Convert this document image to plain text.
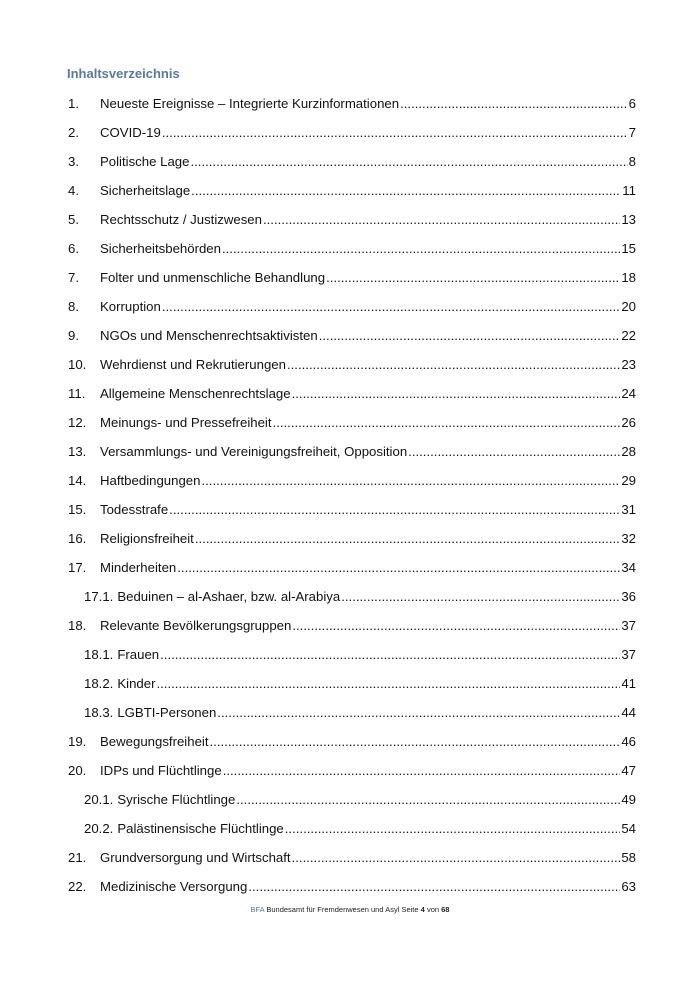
Inhaltsverzeichnis
1.	Neueste Ereignisse – Integrierte Kurzinformationen .....	6
2.	COVID-19 .....	7
3.	Politische Lage .....	8
4.	Sicherheitslage .....	11
5.	Rechtsschutz / Justizwesen .....	13
6.	Sicherheitsbehörden .....	15
7.	Folter und unmenschliche Behandlung .....	18
8.	Korruption .....	20
9.	NGOs und Menschenrechtsaktivisten .....	22
10.	Wehrdienst und Rekrutierungen .....	23
11.	Allgemeine Menschenrechtslage .....	24
12.	Meinungs- und Pressefreiheit .....	26
13.	Versammlungs- und Vereinigungsfreiheit, Opposition .....	28
14.	Haftbedingungen .....	29
15.	Todesstrafe .....	31
16.	Religionsfreiheit .....	32
17.	Minderheiten .....	34
17.1. Beduinen – al-Ashaer, bzw. al-Arabiya .....	36
18.	Relevante Bevölkerungsgruppen .....	37
18.1. Frauen .....	37
18.2. Kinder .....	41
18.3. LGBTI-Personen .....	44
19.	Bewegungsfreiheit .....	46
20.	IDPs und Flüchtlinge .....	47
20.1. Syrische Flüchtlinge .....	49
20.2. Palästinensische Flüchtlinge .....	54
21.	Grundversorgung und Wirtschaft .....	58
22.	Medizinische Versorgung .....	63
BFA Bundesamt für Fremdenwesen und Asyl Seite 4 von 68
